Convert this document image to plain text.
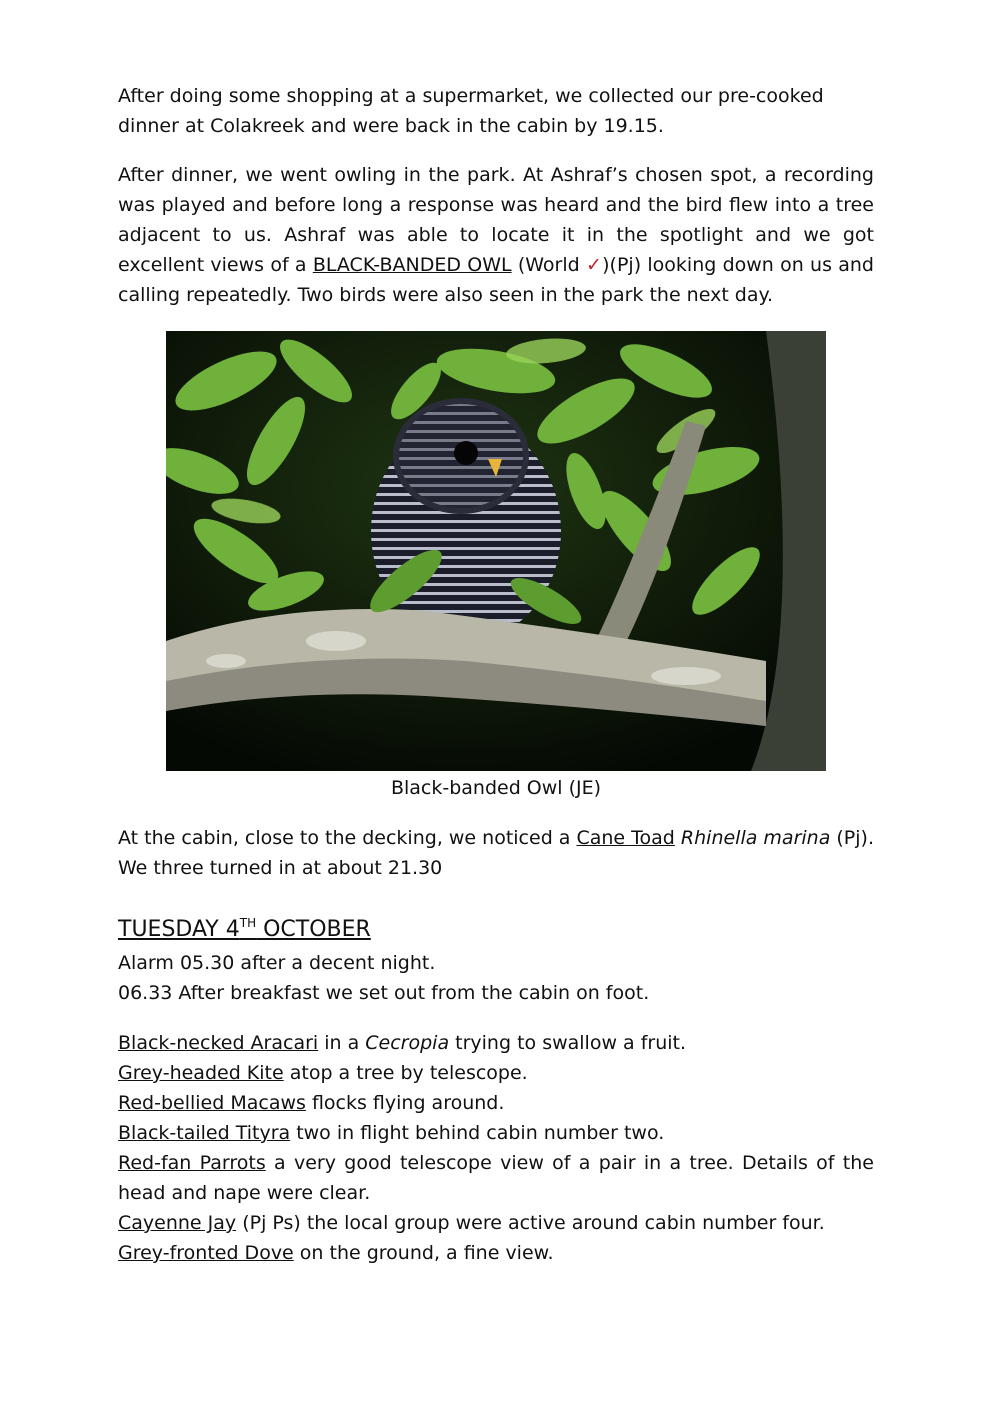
After doing some shopping at a supermarket, we collected our pre-cooked dinner at Colakreek and were back in the cabin by 19.15.

After dinner, we went owling in the park. At Ashraf’s chosen spot, a recording was played and before long a response was heard and the bird flew into a tree adjacent to us. Ashraf was able to locate it in the spotlight and we got excellent views of a BLACK-BANDED OWL (World ✓)(Pj) looking down on us and calling repeatedly. Two birds were also seen in the park the next day.

Black-banded Owl (JE)

At the cabin, close to the decking, we noticed a Cane Toad Rhinella marina (Pj).

We three turned in at about 21.30

TUESDAY 4TH OCTOBER

Alarm 05.30 after a decent night.

06.33 After breakfast we set out from the cabin on foot.

Black-necked Aracari in a Cecropia trying to swallow a fruit.

Grey-headed Kite atop a tree by telescope.

Red-bellied Macaws flocks flying around.

Black-tailed Tityra two in flight behind cabin number two.

Red-fan Parrots a very good telescope view of a pair in a tree. Details of the head and nape were clear.

Cayenne Jay (Pj Ps) the local group were active around cabin number four.

Grey-fronted Dove on the ground, a fine view.
